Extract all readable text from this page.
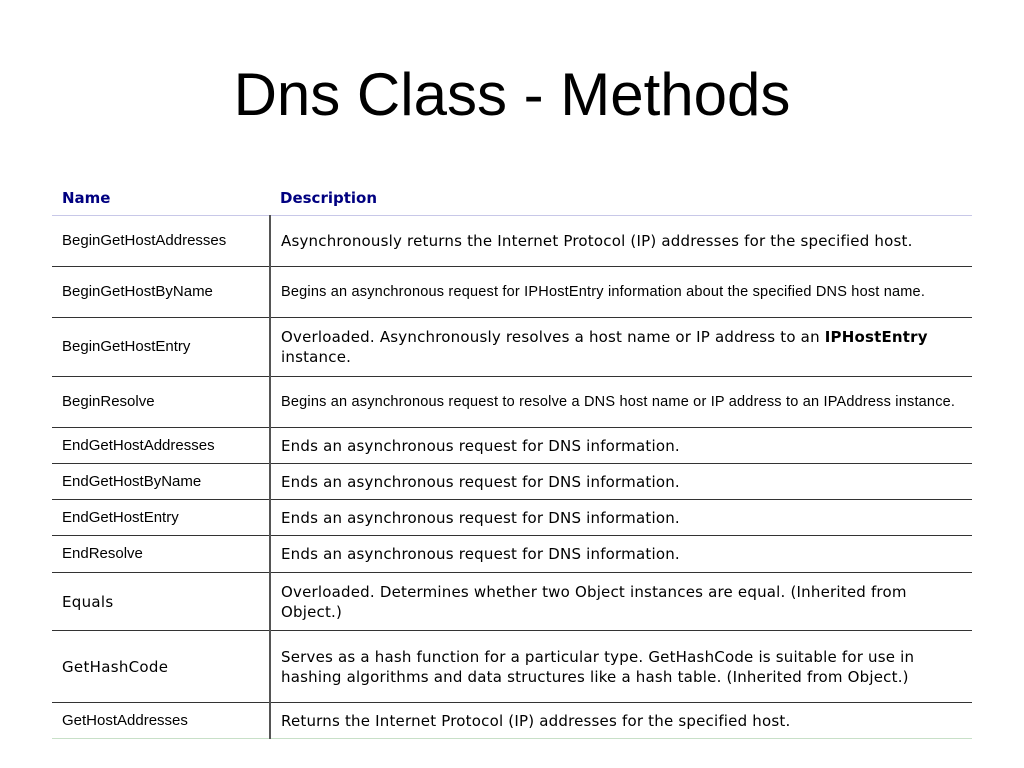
Dns Class - Methods
Name	Description
BeginGetHostAddresses	Asynchronously returns the Internet Protocol (IP) addresses for the specified host.
BeginGetHostByName	Begins an asynchronous request for IPHostEntry information about the specified DNS host name.
BeginGetHostEntry	Overloaded. Asynchronously resolves a host name or IP address to an IPHostEntry instance.
BeginResolve	Begins an asynchronous request to resolve a DNS host name or IP address to an IPAddress instance.
EndGetHostAddresses	Ends an asynchronous request for DNS information.
EndGetHostByName	Ends an asynchronous request for DNS information.
EndGetHostEntry	Ends an asynchronous request for DNS information.
EndResolve	Ends an asynchronous request for DNS information.
Equals	Overloaded. Determines whether two Object instances are equal. (Inherited from Object.)
GetHashCode	Serves as a hash function for a particular type. GetHashCode is suitable for use in hashing algorithms and data structures like a hash table. (Inherited from Object.)
GetHostAddresses	Returns the Internet Protocol (IP) addresses for the specified host.
